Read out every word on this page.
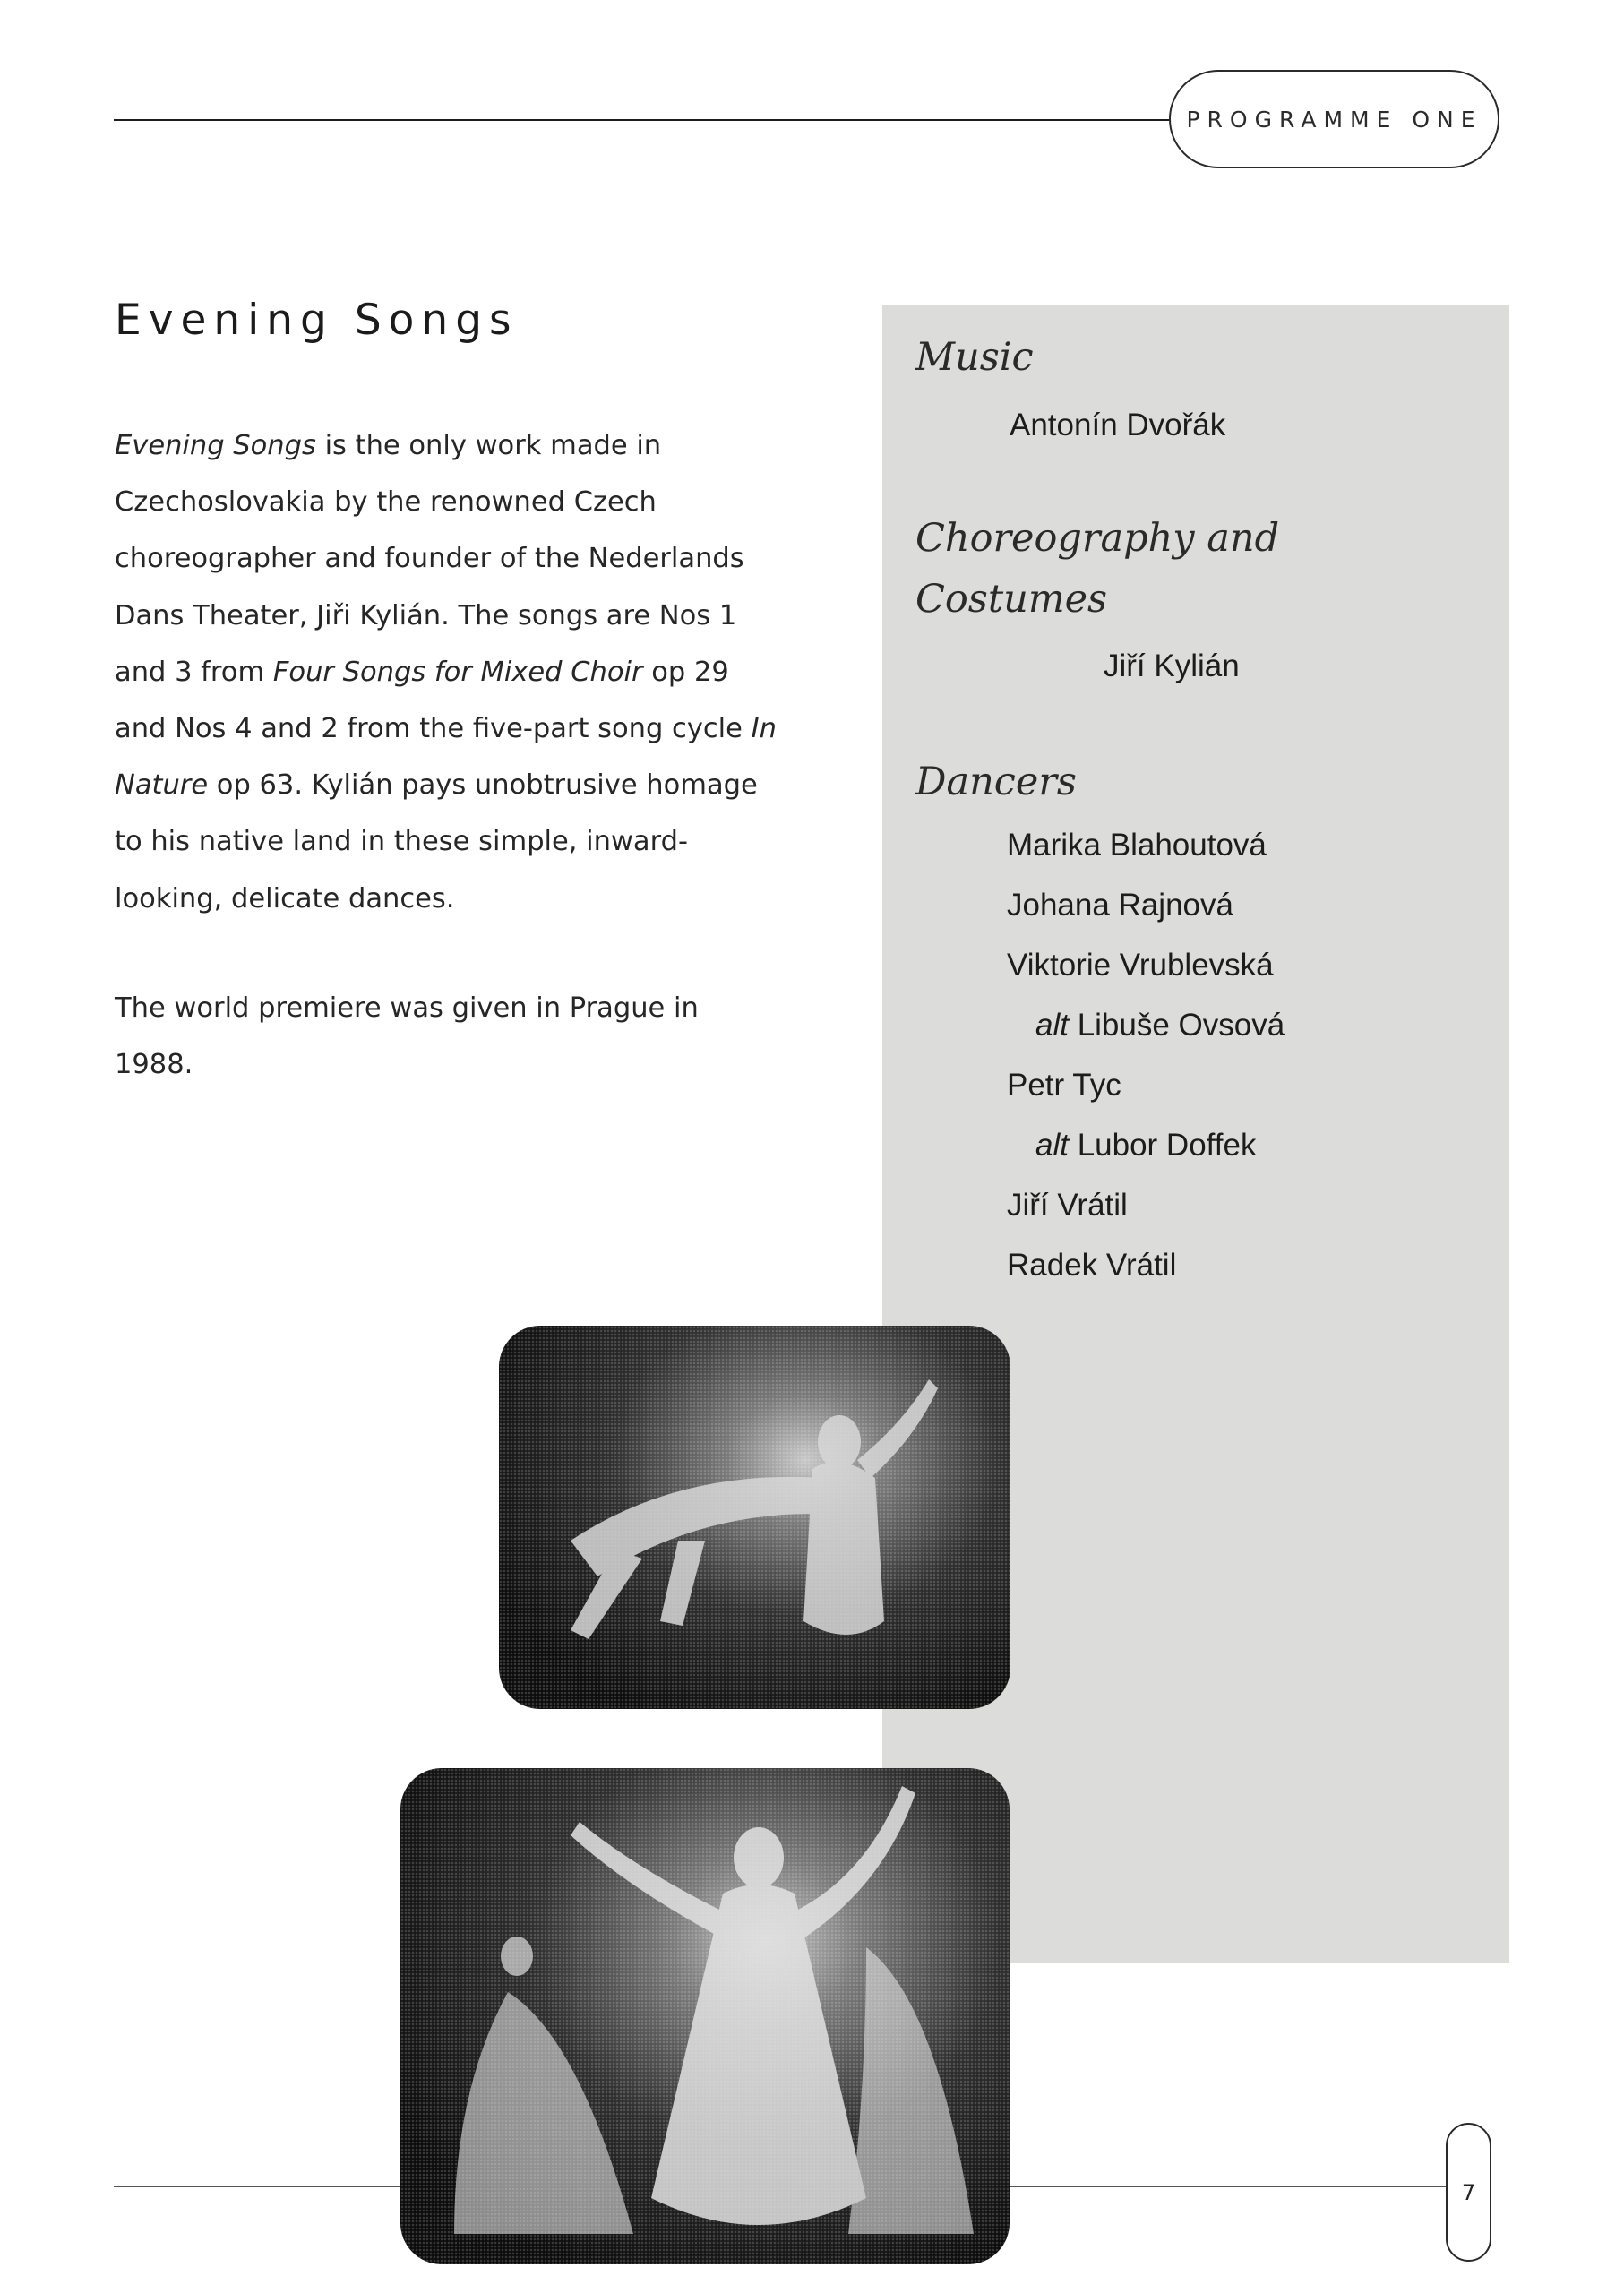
PROGRAMME ONE
Evening Songs

Evening Songs is the only work made in Czechoslovakia by the renowned Czech choreographer and founder of the Nederlands Dans Theater, Jiři Kylián. The songs are Nos 1 and 3 from Four Songs for Mixed Choir op 29 and Nos 4 and 2 from the five-part song cycle In Nature op 63. Kylián pays unobtrusive homage to his native land in these simple, inward-looking, delicate dances.

The world premiere was given in Prague in 1988.

Music
Antonín Dvořák
Choreography and
Costumes
Jiří Kylián
Dancers
Marika Blahoutová
Johana Rajnová
Viktorie Vrublevská
alt Libuše Ovsová
Petr Tyc
alt Lubor Doffek
Jiří Vrátil
Radek Vrátil
7
